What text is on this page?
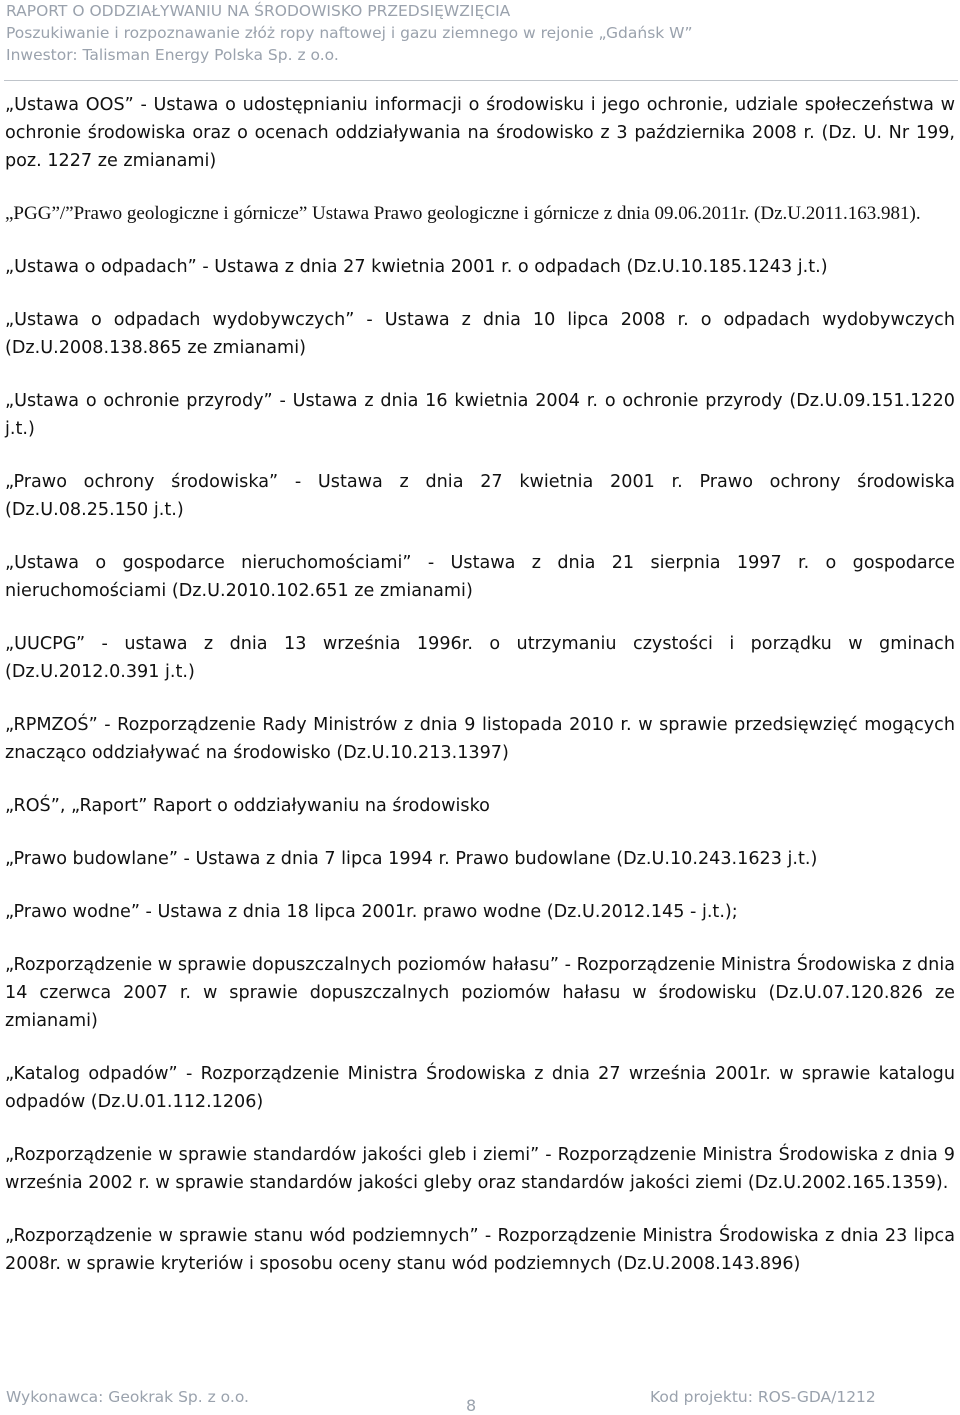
RAPORT O ODDZIAŁYWANIU NA ŚRODOWISKO PRZEDSIĘWZIĘCIA
Poszukiwanie i rozpoznawanie złóż ropy naftowej i gazu ziemnego w rejonie „Gdańsk W”
Inwestor: Talisman Energy Polska Sp. z o.o.

„Ustawa OOS” - Ustawa o udostępnianiu informacji o środowisku i jego ochronie, udziale społeczeństwa w ochronie środowiska oraz o ocenach oddziaływania na środowisko z 3 października 2008 r. (Dz. U. Nr 199, poz. 1227 ze zmianami)

„PGG”/”Prawo geologiczne i górnicze” Ustawa Prawo geologiczne i górnicze z dnia 09.06.2011r. (Dz.U.2011.163.981).

„Ustawa o odpadach” - Ustawa z dnia 27 kwietnia 2001 r. o odpadach (Dz.U.10.185.1243 j.t.)

„Ustawa o odpadach wydobywczych” - Ustawa z dnia 10 lipca 2008 r. o odpadach wydobywczych (Dz.U.2008.138.865 ze zmianami)

„Ustawa o ochronie przyrody” - Ustawa z dnia 16 kwietnia 2004 r. o ochronie przyrody (Dz.U.09.151.1220 j.t.)

„Prawo ochrony środowiska” - Ustawa z dnia 27 kwietnia 2001 r. Prawo ochrony środowiska (Dz.U.08.25.150 j.t.)

„Ustawa o gospodarce nieruchomościami” - Ustawa z dnia 21 sierpnia 1997 r. o gospodarce nieruchomościami (Dz.U.2010.102.651 ze zmianami)

„UUCPG” - ustawa z dnia 13 września 1996r. o utrzymaniu czystości i porządku w gminach (Dz.U.2012.0.391 j.t.)

„RPMZOŚ” - Rozporządzenie Rady Ministrów z dnia 9 listopada 2010 r. w sprawie przedsięwzięć mogących znacząco oddziaływać na środowisko (Dz.U.10.213.1397)

„ROŚ”, „Raport” Raport o oddziaływaniu na środowisko

„Prawo budowlane” - Ustawa z dnia 7 lipca 1994 r. Prawo budowlane (Dz.U.10.243.1623 j.t.)

„Prawo wodne” - Ustawa z dnia 18 lipca 2001r. prawo wodne (Dz.U.2012.145 - j.t.);

„Rozporządzenie w sprawie dopuszczalnych poziomów hałasu” - Rozporządzenie Ministra Środowiska z dnia 14 czerwca 2007 r. w sprawie dopuszczalnych poziomów hałasu w środowisku (Dz.U.07.120.826 ze zmianami)

„Katalog odpadów” - Rozporządzenie Ministra Środowiska z dnia 27 września 2001r. w sprawie katalogu odpadów (Dz.U.01.112.1206)

„Rozporządzenie w sprawie standardów jakości gleb i ziemi” - Rozporządzenie Ministra Środowiska z dnia 9 września 2002 r. w sprawie standardów jakości gleby oraz standardów jakości ziemi (Dz.U.2002.165.1359).

„Rozporządzenie w sprawie stanu wód podziemnych” - Rozporządzenie Ministra Środowiska z dnia 23 lipca 2008r. w sprawie kryteriów i sposobu oceny stanu wód podziemnych (Dz.U.2008.143.896)

Wykonawca: Geokrak Sp. z o.o.	8	Kod projektu: ROS-GDA/1212
